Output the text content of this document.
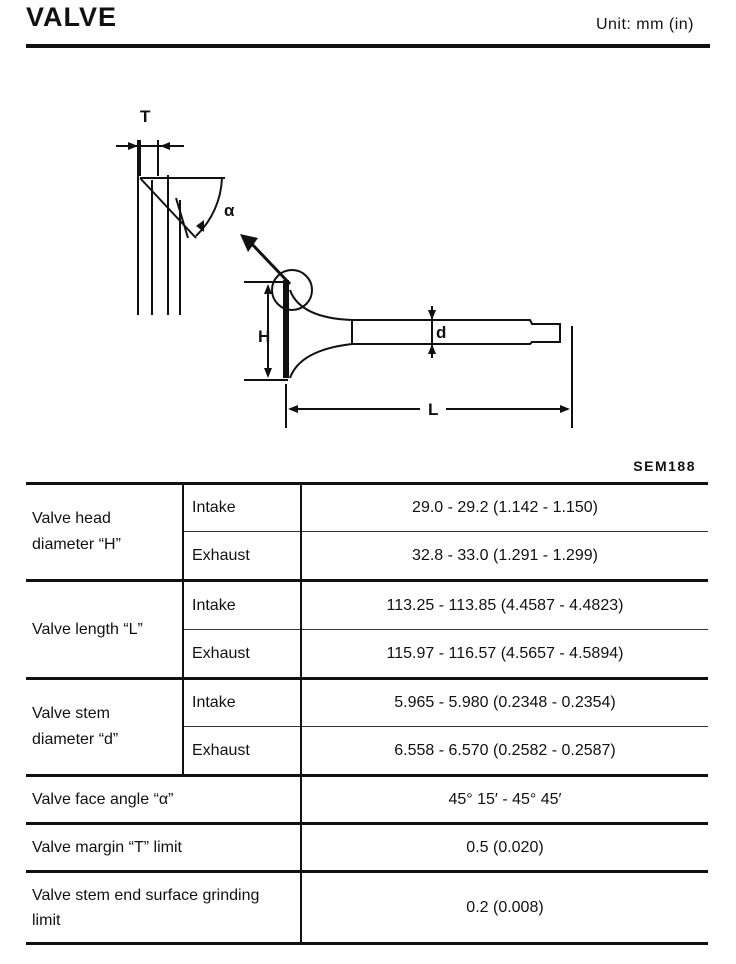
VALVE	Unit: mm (in)
T
α
H	d
L
SEM188
Valve head diameter “H”	Intake	29.0 - 29.2 (1.142 - 1.150)
	Exhaust	32.8 - 33.0 (1.291 - 1.299)
Valve length “L”	Intake	113.25 - 113.85 (4.4587 - 4.4823)
	Exhaust	115.97 - 116.57 (4.5657 - 4.5894)
Valve stem diameter “d”	Intake	5.965 - 5.980 (0.2348 - 0.2354)
	Exhaust	6.558 - 6.570 (0.2582 - 0.2587)
Valve face angle “α”		45° 15′ - 45° 45′
Valve margin “T” limit		0.5 (0.020)
Valve stem end surface grinding limit		0.2 (0.008)
